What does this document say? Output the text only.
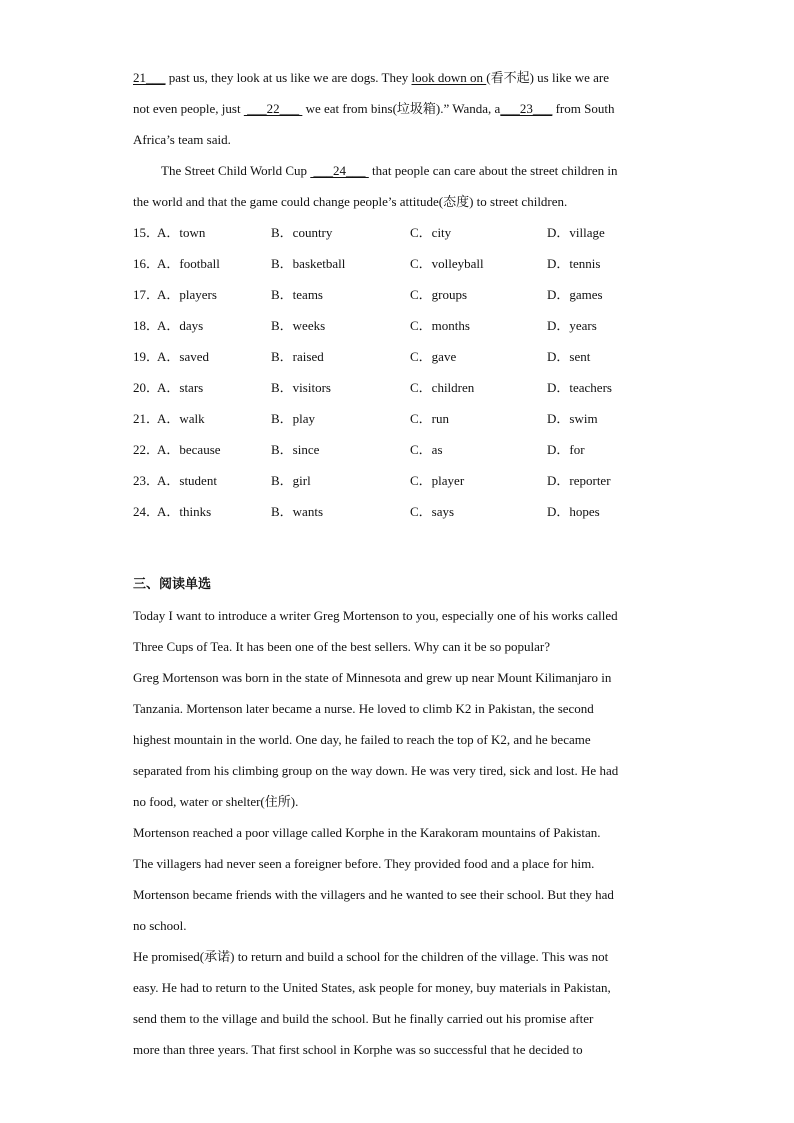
21___ past us, they look at us like we are dogs. They look down on (看不起) us like we are
not even people, just  ___22___  we eat from bins(垃圾箱).” Wanda, a___23___ from South
Africa’s team said.
The Street Child World Cup  ___24___  that people can care about the street children in
the world and that the game could change people’s attitude(态度) to street children.
15．
A．town	B．country	C．city	D．village
16．
A．football	B．basketball	C．volleyball	D．tennis
17．
A．players	B．teams	C．groups	D．games
18．
A．days	B．weeks	C．months	D．years
19．
A．saved	B．raised	C．gave	D．sent
20．
A．stars	B．visitors	C．children	D．teachers
21．
A．walk	B．play	C．run	D．swim
22．
A．because	B．since	C．as	D．for
23．
A．student	B．girl	C．player	D．reporter
24．
A．thinks	B．wants	C．says	D．hopes
三、阅读单选
Today I want to introduce a writer Greg Mortenson to you, especially one of his works called
Three Cups of Tea. It has been one of the best sellers. Why can it be so popular?
Greg Mortenson was born in the state of Minnesota and grew up near Mount Kilimanjaro in
Tanzania. Mortenson later became a nurse. He loved to climb K2 in Pakistan, the second
highest mountain in the world. One day, he failed to reach the top of K2, and he became
separated from his climbing group on the way down. He was very tired, sick and lost. He had
no food, water or shelter(住所).
Mortenson reached a poor village called Korphe in the Karakoram mountains of Pakistan.
The villagers had never seen a foreigner before. They provided food and a place for him.
Mortenson became friends with the villagers and he wanted to see their school. But they had
no school.
He promised(承诺) to return and build a school for the children of the village. This was not
easy. He had to return to the United States, ask people for money, buy materials in Pakistan,
send them to the village and build the school. But he finally carried out his promise after
more than three years. That first school in Korphe was so successful that he decided to
